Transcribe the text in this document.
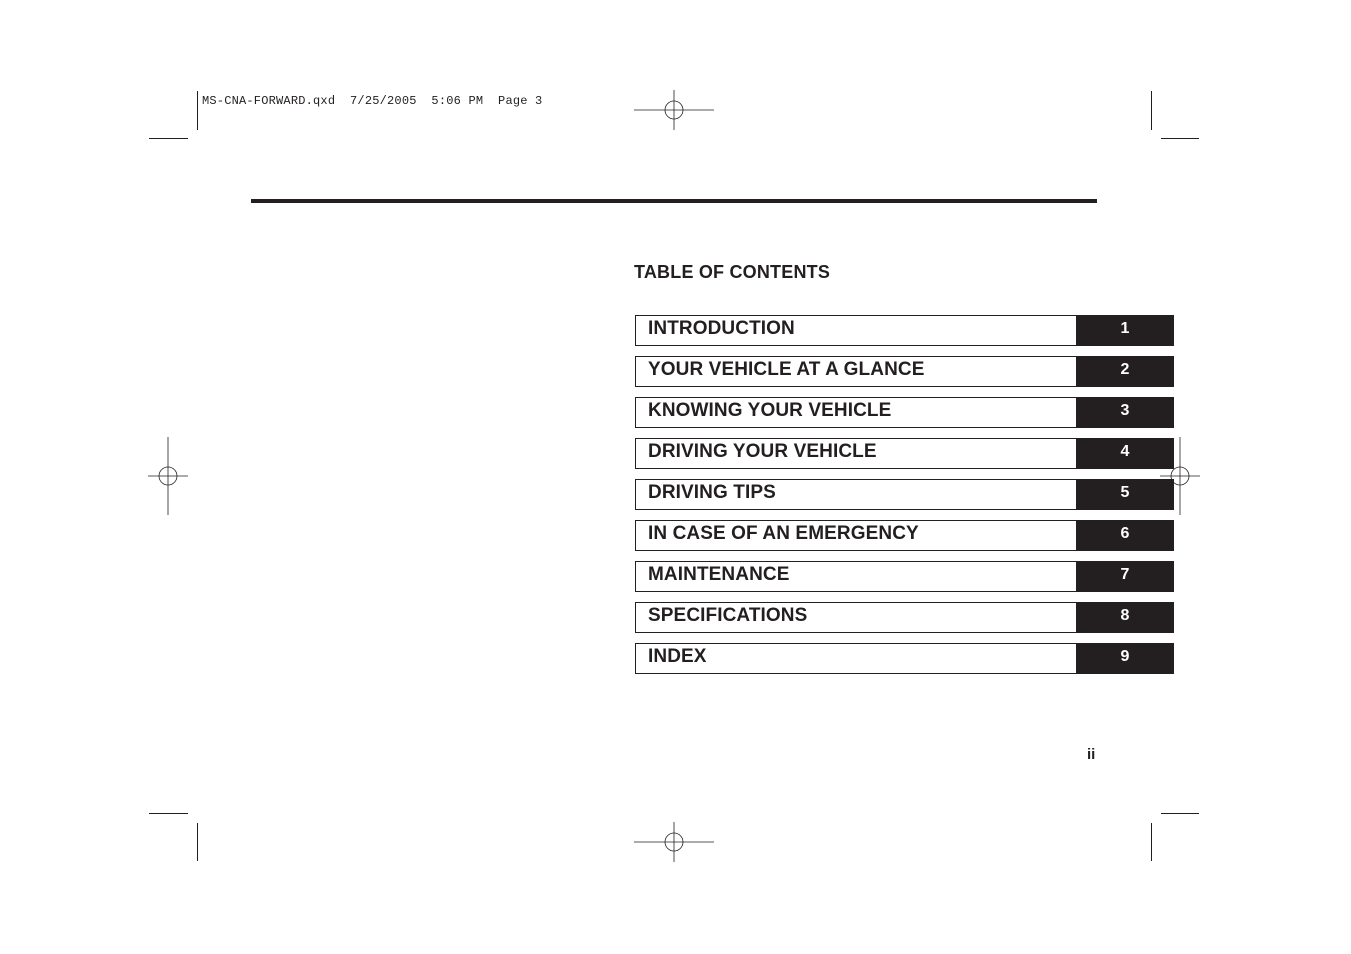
MS-CNA-FORWARD.qxd  7/25/2005  5:06 PM  Page 3
TABLE OF CONTENTS
INTRODUCTION	1
YOUR VEHICLE AT A GLANCE	2
KNOWING YOUR VEHICLE	3
DRIVING YOUR VEHICLE	4
DRIVING TIPS	5
IN CASE OF AN EMERGENCY	6
MAINTENANCE	7
SPECIFICATIONS	8
INDEX	9
ii
